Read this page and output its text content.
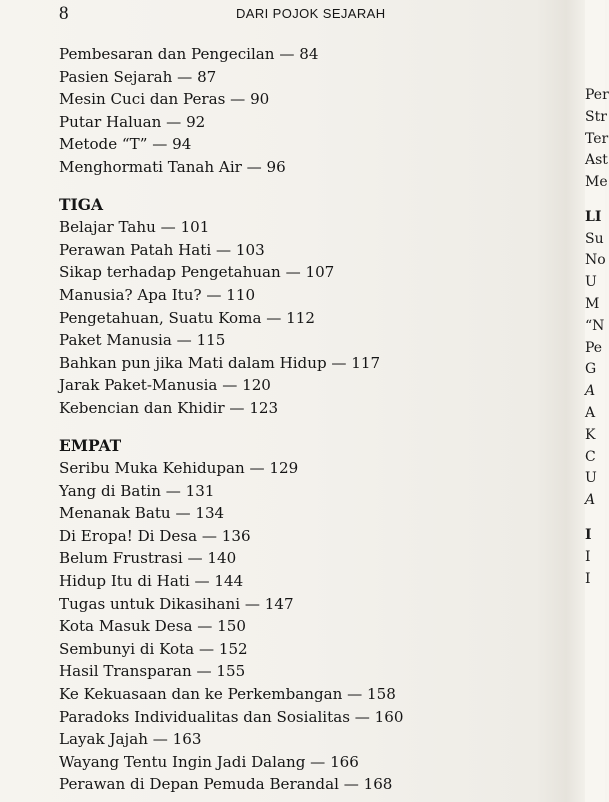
8	DARI POJOK SEJARAH
Pembesaran dan Pengecilan — 84
Pasien Sejarah — 87
Mesin Cuci dan Peras — 90
Putar Haluan — 92
Metode “T” — 94
Menghormati Tanah Air — 96
TIGA
Belajar Tahu — 101
Perawan Patah Hati — 103
Sikap terhadap Pengetahuan — 107
Manusia? Apa Itu? — 110
Pengetahuan, Suatu Koma — 112
Paket Manusia — 115
Bahkan pun jika Mati dalam Hidup — 117
Jarak Paket-Manusia — 120
Kebencian dan Khidir — 123
EMPAT
Seribu Muka Kehidupan — 129
Yang di Batin — 131
Menanak Batu — 134
Di Eropa! Di Desa — 136
Belum Frustrasi — 140
Hidup Itu di Hati — 144
Tugas untuk Dikasihani — 147
Kota Masuk Desa — 150
Sembunyi di Kota — 152
Hasil Transparan — 155
Ke Kekuasaan dan ke Perkembangan — 158
Paradoks Individualitas dan Sosialitas — 160
Layak Jajah — 163
Wayang Tentu Ingin Jadi Dalang — 166
Perawan di Depan Pemuda Berandal — 168
Per
Str
Ter
Ast
Me
LI
Su
No
U
M
“N
Pe
G
A
A
K
C
U
A
I
I
I
